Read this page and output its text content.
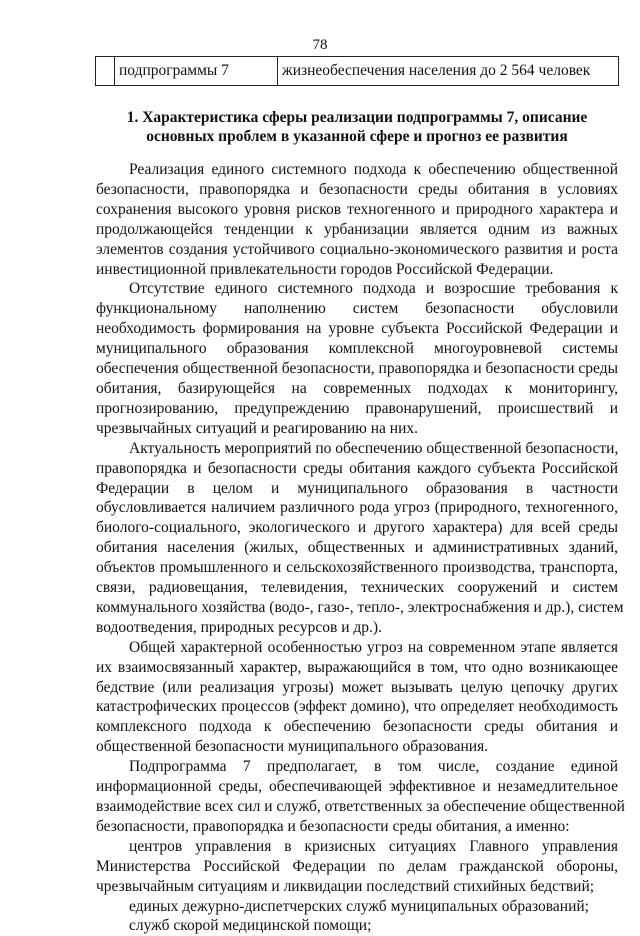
78
	подпрограммы 7	жизнеобеспечения населения до 2 564 человек
1. Характеристика сферы реализации подпрограммы 7, описание
основных проблем в указанной сфере и прогноз ее развития

Реализация единого системного подхода к обеспечению общественной
безопасности, правопорядка и безопасности среды обитания в условиях
сохранения высокого уровня рисков техногенного и природного характера и
продолжающейся тенденции к урбанизации является одним из важных
элементов создания устойчивого социально-экономического развития и роста
инвестиционной привлекательности городов Российской Федерации.

Отсутствие единого системного подхода и возросшие требования к
функциональному наполнению систем безопасности обусловили
необходимость формирования на уровне субъекта Российской Федерации и
муниципального образования комплексной многоуровневой системы
обеспечения общественной безопасности, правопорядка и безопасности среды
обитания, базирующейся на современных подходах к мониторингу,
прогнозированию, предупреждению правонарушений, происшествий и
чрезвычайных ситуаций и реагированию на них.

Актуальность мероприятий по обеспечению общественной безопасности,
правопорядка и безопасности среды обитания каждого субъекта Российской
Федерации в целом и муниципального образования в частности
обусловливается наличием различного рода угроз (природного, техногенного,
биолого-социального, экологического и другого характера) для всей среды
обитания населения (жилых, общественных и административных зданий,
объектов промышленного и сельскохозяйственного производства, транспорта,
связи, радиовещания, телевидения, технических сооружений и систем
коммунального хозяйства (водо-, газо-, тепло-, электроснабжения и др.), систем
водоотведения, природных ресурсов и др.).

Общей характерной особенностью угроз на современном этапе является
их взаимосвязанный характер, выражающийся в том, что одно возникающее
бедствие (или реализация угрозы) может вызывать целую цепочку других
катастрофических процессов (эффект домино), что определяет необходимость
комплексного подхода к обеспечению безопасности среды обитания и
общественной безопасности муниципального образования.

Подпрограмма 7 предполагает, в том числе, создание единой
информационной среды, обеспечивающей эффективное и незамедлительное
взаимодействие всех сил и служб, ответственных за обеспечение общественной
безопасности, правопорядка и безопасности среды обитания, а именно:

центров управления в кризисных ситуациях Главного управления
Министерства Российской Федерации по делам гражданской обороны,
чрезвычайным ситуациям и ликвидации последствий стихийных бедствий;

единых дежурно-диспетчерских служб муниципальных образований;

служб скорой медицинской помощи;
